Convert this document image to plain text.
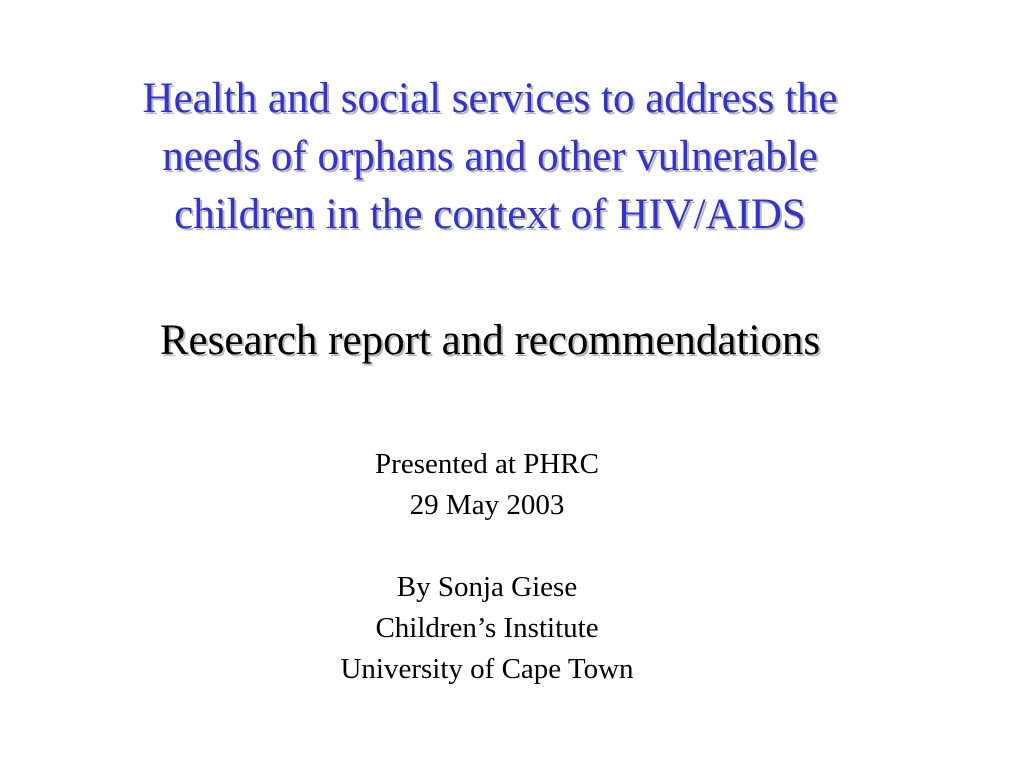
Health and social services to address the
needs of orphans and other vulnerable
children in the context of HIV/AIDS
Research report and recommendations
Presented at PHRC
29 May 2003
By Sonja Giese
Children’s Institute
University of Cape Town
